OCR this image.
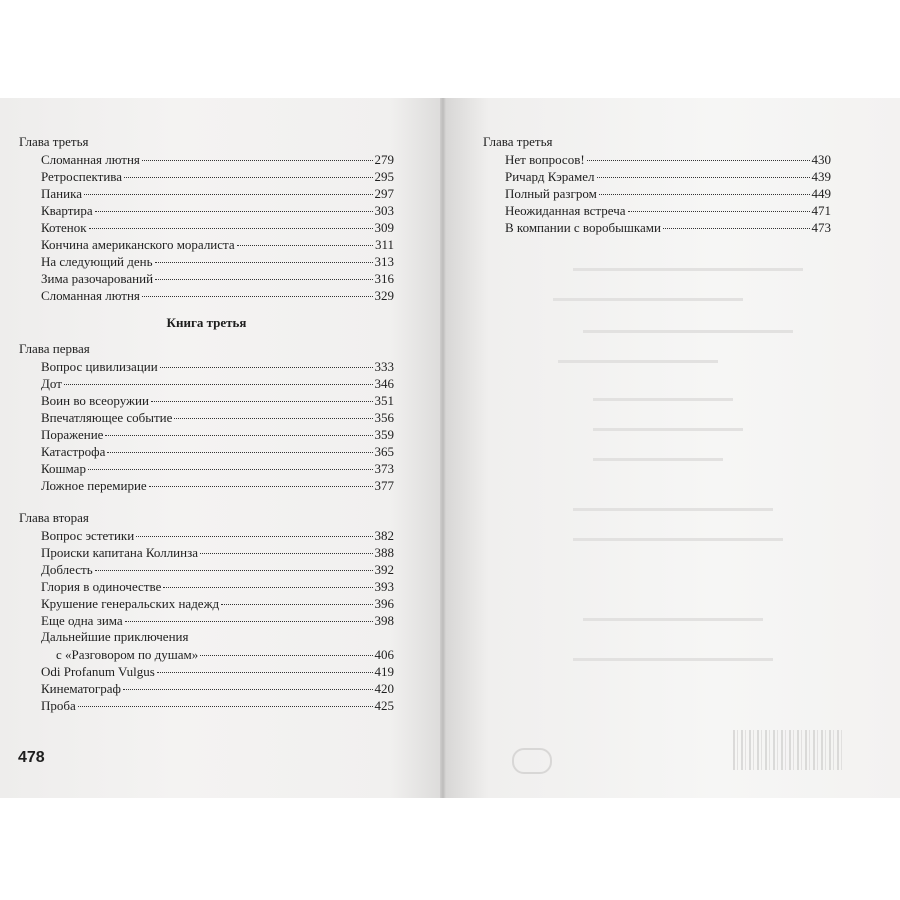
Глава третья
Сломанная лютня	279
Ретроспектива	295
Паника	297
Квартира	303
Котенок	309
Кончина американского моралиста	311
На следующий день	313
Зима разочарований	316
Сломанная лютня	329
Книга третья
Глава первая
Вопрос цивилизации	333
Дот	346
Воин во всеоружии	351
Впечатляющее событие	356
Поражение	359
Катастрофа	365
Кошмар	373
Ложное перемирие	377
Глава вторая
Вопрос эстетики	382
Происки капитана Коллинза	388
Доблесть	392
Глория в одиночестве	393
Крушение генеральских надежд	396
Еще одна зима	398
Дальнейшие приключения
с «Разговором по душам»	406
Odi Profanum Vulgus	419
Кинематограф	420
Проба	425
478
Глава третья
Нет вопросов!	430
Ричард Кэрамел	439
Полный разгром	449
Неожиданная встреча	471
В компании с воробышками	473
